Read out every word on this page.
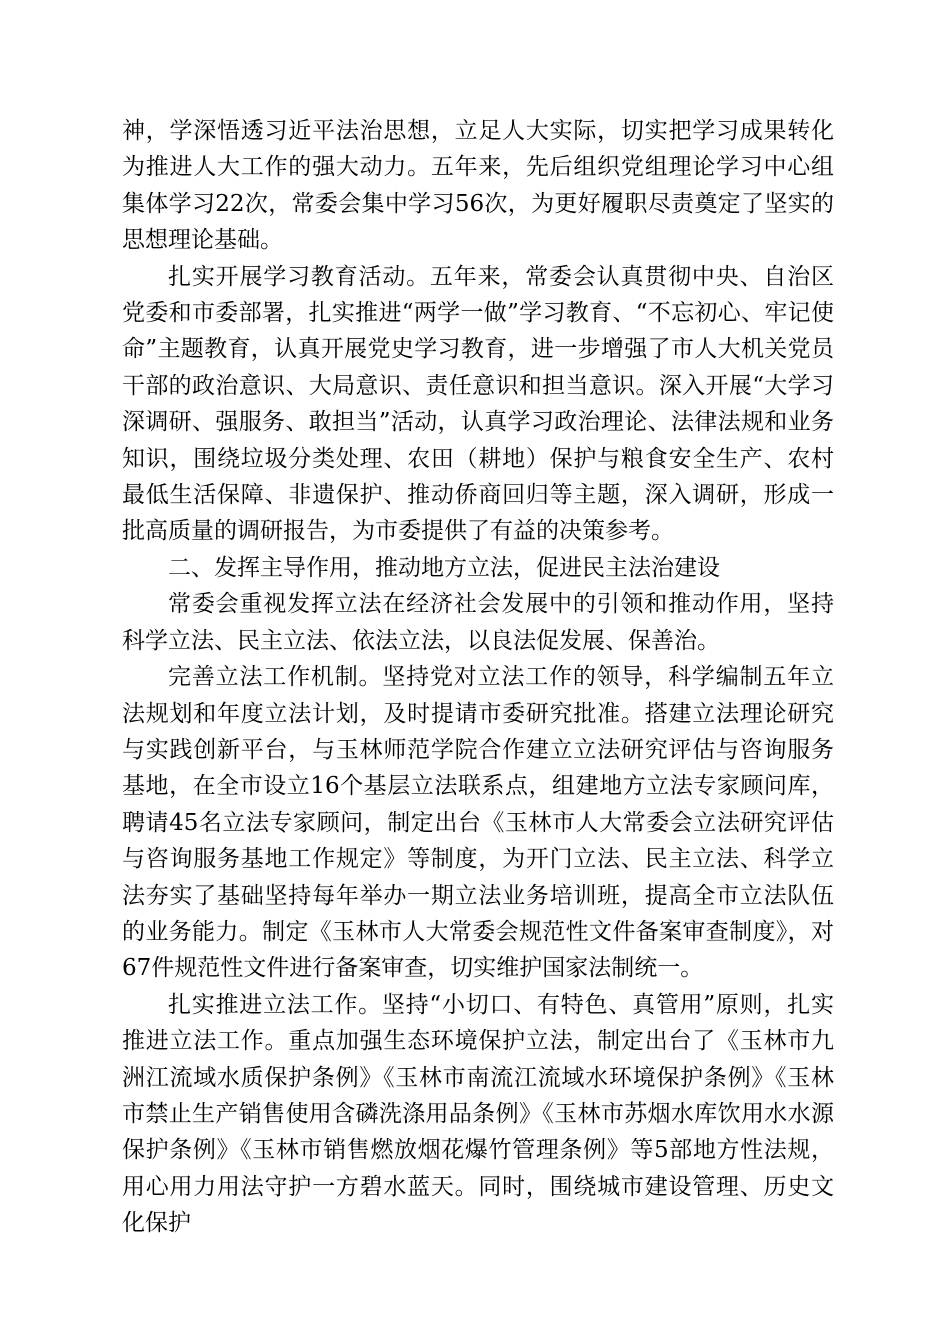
神，学深悟透习近平法治思想，立足人大实际，切实把学习成果转化为推进人大工作的强大动力。五年来，先后组织党组理论学习中心组集体学习22次，常委会集中学习56次，为更好履职尽责奠定了坚实的思想理论基础。

扎实开展学习教育活动。五年来，常委会认真贯彻中央、自治区党委和市委部署，扎实推进“两学一做”学习教育、“不忘初心、牢记使命”主题教育，认真开展党史学习教育，进一步增强了市人大机关党员干部的政治意识、大局意识、责任意识和担当意识。深入开展“大学习深调研、强服务、敢担当”活动，认真学习政治理论、法律法规和业务知识，围绕垃圾分类处理、农田（耕地）保护与粮食安全生产、农村最低生活保障、非遗保护、推动侨商回归等主题，深入调研，形成一批高质量的调研报告，为市委提供了有益的决策参考。

二、发挥主导作用，推动地方立法，促进民主法治建设

常委会重视发挥立法在经济社会发展中的引领和推动作用，坚持科学立法、民主立法、依法立法，以良法促发展、保善治。

完善立法工作机制。坚持党对立法工作的领导，科学编制五年立法规划和年度立法计划，及时提请市委研究批准。搭建立法理论研究与实践创新平台，与玉林师范学院合作建立立法研究评估与咨询服务基地，在全市设立16个基层立法联系点，组建地方立法专家顾问库，聘请45名立法专家顾问，制定出台《玉林市人大常委会立法研究评估与咨询服务基地工作规定》等制度，为开门立法、民主立法、科学立法夯实了基础坚持每年举办一期立法业务培训班，提高全市立法队伍的业务能力。制定《玉林市人大常委会规范性文件备案审查制度》，对67件规范性文件进行备案审查，切实维护国家法制统一。

扎实推进立法工作。坚持“小切口、有特色、真管用”原则，扎实推进立法工作。重点加强生态环境保护立法，制定出台了《玉林市九洲江流域水质保护条例》《玉林市南流江流域水环境保护条例》《玉林市禁止生产销售使用含磷洗涤用品条例》《玉林市苏烟水库饮用水水源保护条例》《玉林市销售燃放烟花爆竹管理条例》等5部地方性法规，用心用力用法守护一方碧水蓝天。同时，围绕城市建设管理、历史文化保护
